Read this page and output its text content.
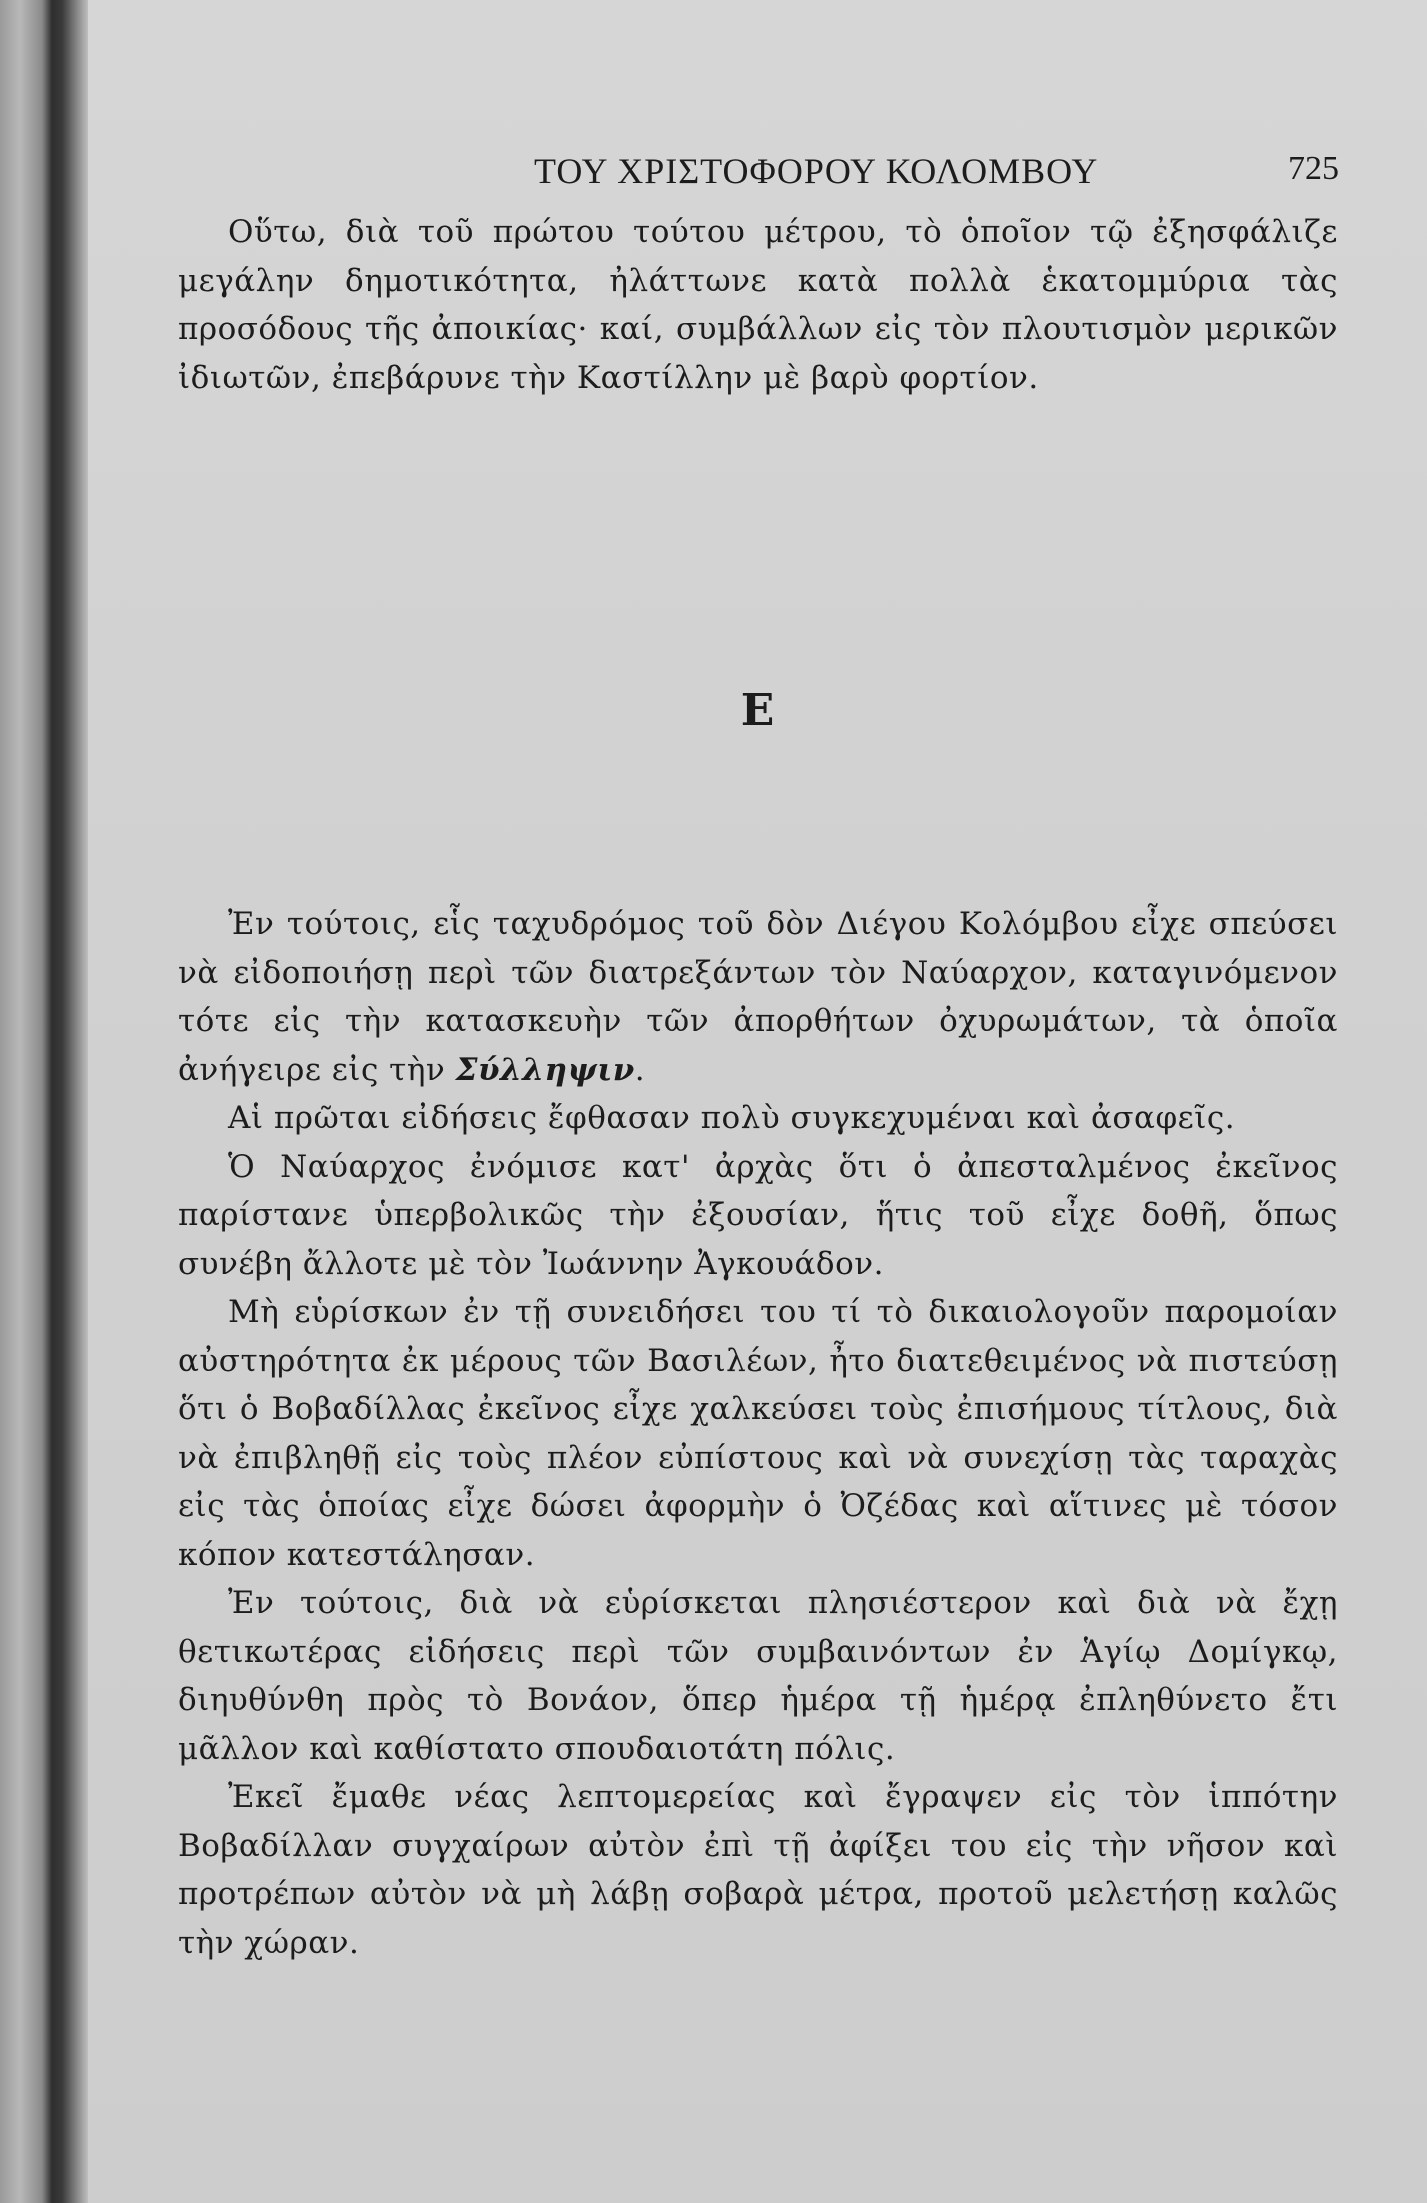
ΤΟΥ ΧΡΙΣΤΟΦΟΡΟΥ ΚΟΛΟΜΒΟΥ	725

Οὕτω, διὰ τοῦ πρώτου τούτου μέτρου, τὸ ὁποῖον τῷ ἐξησφάλιζε μεγάλην δημοτικότητα, ἠλάττωνε κατὰ πολλὰ ἑκατομμύρια τὰς προσόδους τῆς ἀποικίας· καί, συμβάλλων εἰς τὸν πλουτισμὸν μερικῶν ἰδιωτῶν, ἐπεβάρυνε τὴν Καστίλλην μὲ βαρὺ φορτίον.

Ε

Ἐν τούτοις, εἷς ταχυδρόμος τοῦ δὸν Διέγου Κολόμβου εἶχε σπεύσει νὰ εἰδοποιήσῃ περὶ τῶν διατρεξάντων τὸν Ναύαρχον, καταγινόμενον τότε εἰς τὴν κατασκευὴν τῶν ἀπορθήτων ὀχυρωμάτων, τὰ ὁποῖα ἀνήγειρε εἰς τὴν Σύλληψιν.

Αἱ πρῶται εἰδήσεις ἔφθασαν πολὺ συγκεχυμέναι καὶ ἀσαφεῖς.

Ὁ Ναύαρχος ἐνόμισε κατ' ἀρχὰς ὅτι ὁ ἀπεσταλμένος ἐκεῖνος παρίστανε ὑπερβολικῶς τὴν ἐξουσίαν, ἥτις τοῦ εἶχε δοθῆ, ὅπως συνέβη ἄλλοτε μὲ τὸν Ἰωάννην Ἀγκουάδον.

Μὴ εὑρίσκων ἐν τῇ συνειδήσει του τί τὸ δικαιολογοῦν παρομοίαν αὐστηρότητα ἐκ μέρους τῶν Βασιλέων, ἦτο διατεθειμένος νὰ πιστεύσῃ ὅτι ὁ Βοβαδίλλας ἐκεῖνος εἶχε χαλκεύσει τοὺς ἐπισήμους τίτλους, διὰ νὰ ἐπιβληθῇ εἰς τοὺς πλέον εὐπίστους καὶ νὰ συνεχίσῃ τὰς ταραχὰς εἰς τὰς ὁποίας εἶχε δώσει ἀφορμὴν ὁ Ὀζέδας καὶ αἵτινες μὲ τόσον κόπον κατεστάλησαν.

Ἐν τούτοις, διὰ νὰ εὑρίσκεται πλησιέστερον καὶ διὰ νὰ ἔχῃ θετικωτέρας εἰδήσεις περὶ τῶν συμβαινόντων ἐν Ἁγίῳ Δομίγκῳ, διηυθύνθη πρὸς τὸ Βονάον, ὅπερ ἡμέρα τῇ ἡμέρᾳ ἐπληθύνετο ἔτι μᾶλλον καὶ καθίστατο σπουδαιοτάτη πόλις.

Ἐκεῖ ἔμαθε νέας λεπτομερείας καὶ ἔγραψεν εἰς τὸν ἱππότην Βοβαδίλλαν συγχαίρων αὐτὸν ἐπὶ τῇ ἀφίξει του εἰς τὴν νῆσον καὶ προτρέπων αὐτὸν νὰ μὴ λάβῃ σοβαρὰ μέτρα, προτοῦ μελετήσῃ καλῶς τὴν χώραν.
